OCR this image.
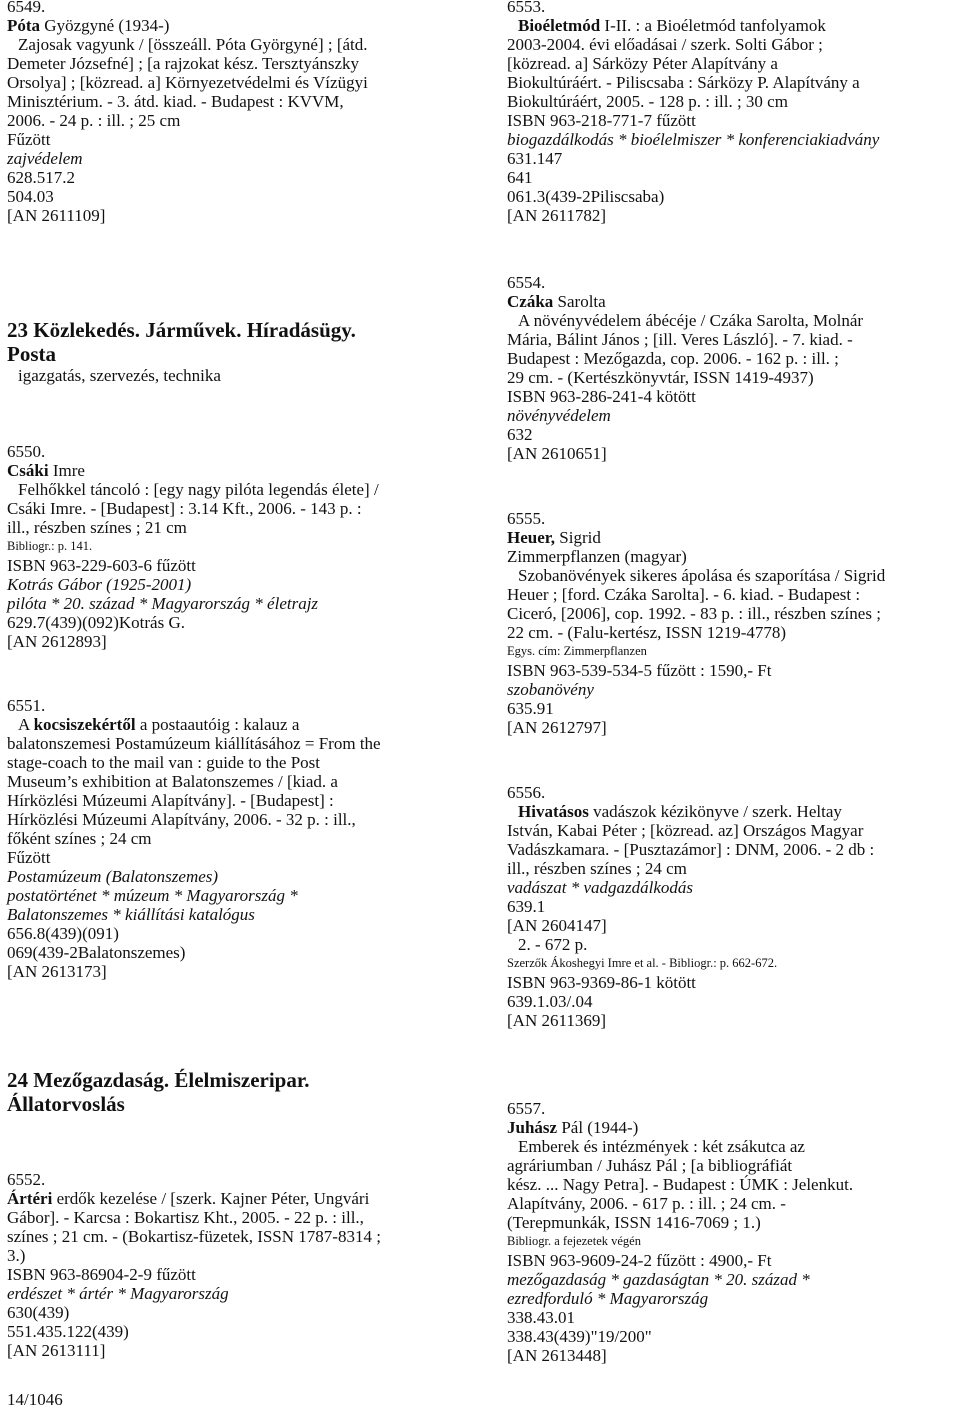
6549.
Póta Gyözgyné (1934-)
Zajosak vagyunk / [összeáll. Póta Györgyné] ; [átd.
Demeter Józsefné] ; [a rajzokat kész. Tersztyánszky
Orsolya] ; [közread. a] Környezetvédelmi és Vízügyi
Minisztérium. - 3. átd. kiad. - Budapest : KVVM,
2006. - 24 p. : ill. ; 25 cm
Fűzött
zajvédelem
628.517.2
504.03
[AN 2611109]
23 Közlekedés. Járművek. Híradásügy.
Posta
igazgatás, szervezés, technika
6550.
Csáki Imre
Felhőkkel táncoló : [egy nagy pilóta legendás élete] /
Csáki Imre. - [Budapest] : 3.14 Kft., 2006. - 143 p. :
ill., részben színes ; 21 cm
Bibliogr.: p. 141.
ISBN 963-229-603-6 fűzött
Kotrás Gábor (1925-2001)
pilóta * 20. század * Magyarország * életrajz
629.7(439)(092)Kotrás G.
[AN 2612893]
6551.
A kocsiszekértől a postaautóig : kalauz a
balatonszemesi Postamúzeum kiállításához = From the
stage-coach to the mail van : guide to the Post
Museum’s exhibition at Balatonszemes / [kiad. a
Hírközlési Múzeumi Alapítvány]. - [Budapest] :
Hírközlési Múzeumi Alapítvány, 2006. - 32 p. : ill.,
főként színes ; 24 cm
Fűzött
Postamúzeum (Balatonszemes)
postatörténet * múzeum * Magyarország *
Balatonszemes * kiállítási katalógus
656.8(439)(091)
069(439-2Balatonszemes)
[AN 2613173]
24 Mezőgazdaság. Élelmiszeripar.
Állatorvoslás
6552.
Ártéri erdők kezelése / [szerk. Kajner Péter, Ungvári
Gábor]. - Karcsa : Bokartisz Kht., 2005. - 22 p. : ill.,
színes ; 21 cm. - (Bokartisz-füzetek, ISSN 1787-8314 ;
3.)
ISBN 963-86904-2-9 fűzött
erdészet * ártér * Magyarország
630(439)
551.435.122(439)
[AN 2613111]
6553.
Bioéletmód I-II. : a Bioéletmód tanfolyamok
2003-2004. évi előadásai / szerk. Solti Gábor ;
[közread. a] Sárközy Péter Alapítvány a
Biokultúráért. - Piliscsaba : Sárközy P. Alapítvány a
Biokultúráért, 2005. - 128 p. : ill. ; 30 cm
ISBN 963-218-771-7 fűzött
biogazdálkodás * bioélelmiszer * konferenciakiadvány
631.147
641
061.3(439-2Piliscsaba)
[AN 2611782]
6554.
Czáka Sarolta
A növényvédelem ábécéje / Czáka Sarolta, Molnár
Mária, Bálint János ; [ill. Veres László]. - 7. kiad. -
Budapest : Mezőgazda, cop. 2006. - 162 p. : ill. ;
29 cm. - (Kertészkönyvtár, ISSN 1419-4937)
ISBN 963-286-241-4 kötött
növényvédelem
632
[AN 2610651]
6555.
Heuer, Sigrid
Zimmerpflanzen (magyar)
Szobanövények sikeres ápolása és szaporítása / Sigrid
Heuer ; [ford. Czáka Sarolta]. - 6. kiad. - Budapest :
Ciceró, [2006], cop. 1992. - 83 p. : ill., részben színes ;
22 cm. - (Falu-kertész, ISSN 1219-4778)
Egys. cím: Zimmerpflanzen
ISBN 963-539-534-5 fűzött : 1590,- Ft
szobanövény
635.91
[AN 2612797]
6556.
Hivatásos vadászok kézikönyve / szerk. Heltay
István, Kabai Péter ; [közread. az] Országos Magyar
Vadászkamara. - [Pusztazámor] : DNM, 2006. - 2 db :
ill., részben színes ; 24 cm
vadászat * vadgazdálkodás
639.1
[AN 2604147]
2. - 672 p.
Szerzők Ákoshegyi Imre et al. - Bibliogr.: p. 662-672.
ISBN 963-9369-86-1 kötött
639.1.03/.04
[AN 2611369]
6557.
Juhász Pál (1944-)
Emberek és intézmények : két zsákutca az
agráriumban / Juhász Pál ; [a bibliográfiát
kész. ... Nagy Petra]. - Budapest : ÚMK : Jelenkut.
Alapítvány, 2006. - 617 p. : ill. ; 24 cm. -
(Terepmunkák, ISSN 1416-7069 ; 1.)
Bibliogr. a fejezetek végén
ISBN 963-9609-24-2 fűzött : 4900,- Ft
mezőgazdaság * gazdaságtan * 20. század *
ezredforduló * Magyarország
338.43.01
338.43(439)"19/200"
[AN 2613448]
14/1046
